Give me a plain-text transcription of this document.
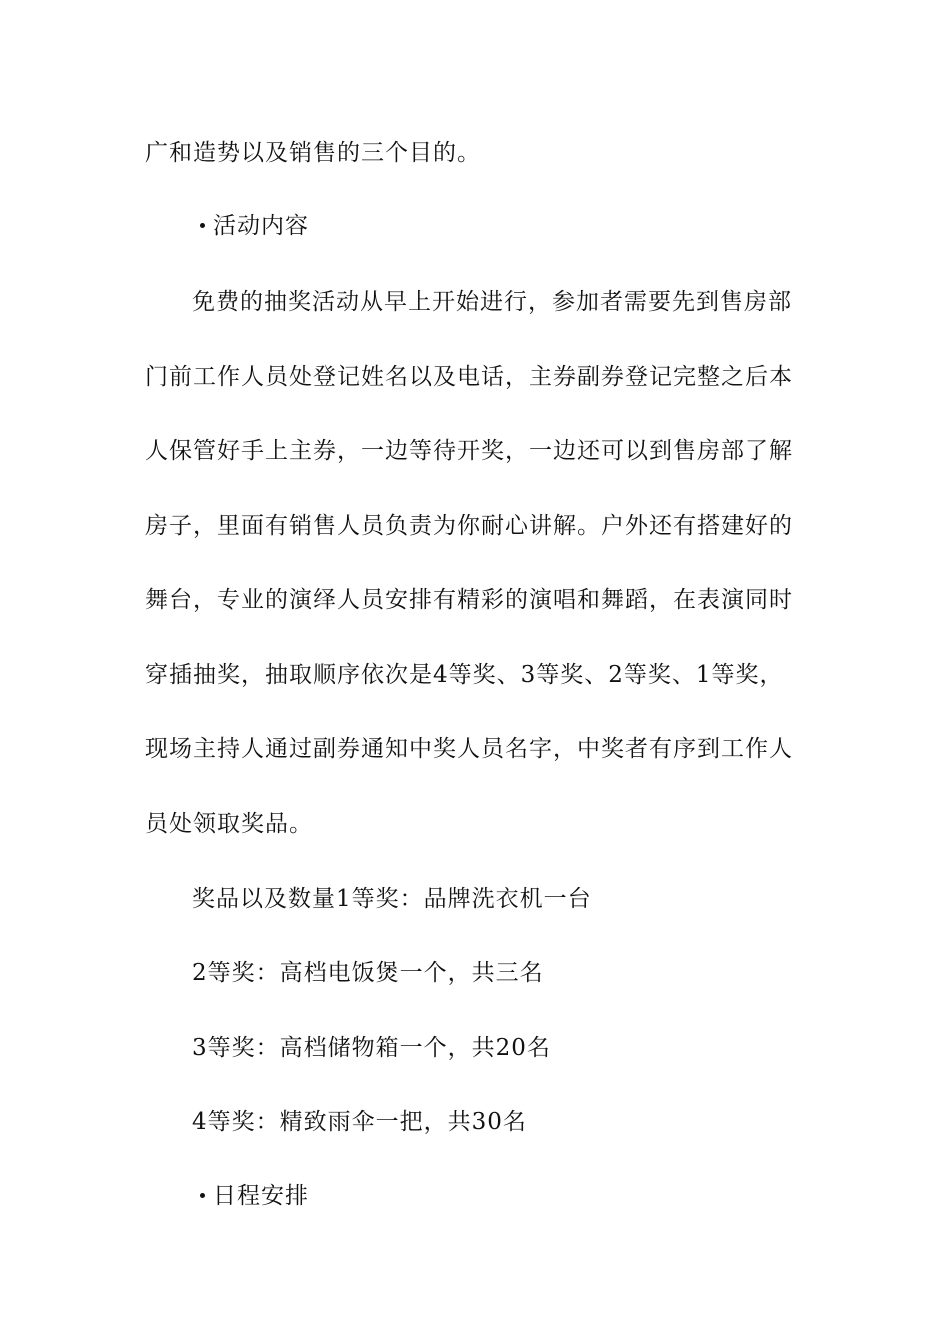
广和造势以及销售的三个目的。
活动内容
免费的抽奖活动从早上开始进行，参加者需要先到售房部
门前工作人员处登记姓名以及电话，主券副券登记完整之后本
人保管好手上主券，一边等待开奖，一边还可以到售房部了解
房子，里面有销售人员负责为你耐心讲解。户外还有搭建好的
舞台，专业的演绎人员安排有精彩的演唱和舞蹈，在表演同时
穿插抽奖，抽取顺序依次是4等奖、3等奖、2等奖、1等奖，
现场主持人通过副券通知中奖人员名字，中奖者有序到工作人
员处领取奖品。
奖品以及数量1等奖：品牌洗衣机一台
2等奖：高档电饭煲一个，共三名
3等奖：高档储物箱一个，共20名
4等奖：精致雨伞一把，共30名
日程安排
